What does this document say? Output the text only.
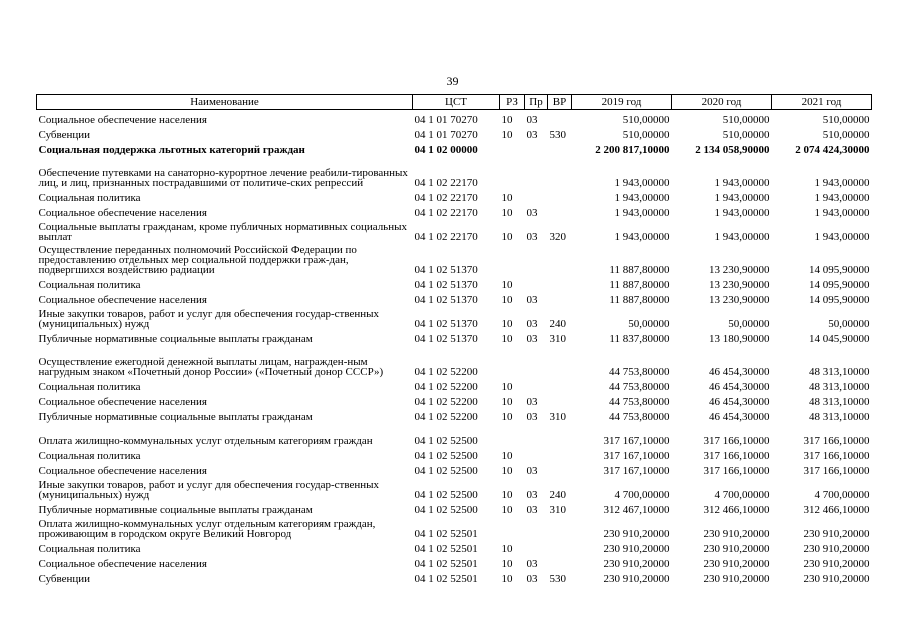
39
Наименование	ЦСТ	РЗ	Пр	ВР	2019 год	2020 год	2021 год
Социальное обеспечение населения	04 1 01 70270	10	03		510,00000	510,00000	510,00000
Субвенции	04 1 01 70270	10	03	530	510,00000	510,00000	510,00000
Социальная поддержка льготных категорий граждан	04 1 02 00000				2 200 817,10000	2 134 058,90000	2 074 424,30000
Обеспечение путевками на санаторно-курортное лечение реабили-тированных лиц, и лиц, признанных пострадавшими от политиче-ских репрессий	04 1 02 22170				1 943,00000	1 943,00000	1 943,00000
Социальная политика	04 1 02 22170	10			1 943,00000	1 943,00000	1 943,00000
Социальное обеспечение населения	04 1 02 22170	10	03		1 943,00000	1 943,00000	1 943,00000
Социальные выплаты гражданам, кроме публичных нормативных социальных выплат	04 1 02 22170	10	03	320	1 943,00000	1 943,00000	1 943,00000
Осуществление переданных полномочий Российской Федерации по предоставлению отдельных мер социальной поддержки граж-дан, подвергшихся воздействию радиации	04 1 02 51370				11 887,80000	13 230,90000	14 095,90000
Социальная политика	04 1 02 51370	10			11 887,80000	13 230,90000	14 095,90000
Социальное обеспечение населения	04 1 02 51370	10	03		11 887,80000	13 230,90000	14 095,90000
Иные закупки товаров, работ и услуг для обеспечения государ-ственных (муниципальных) нужд	04 1 02 51370	10	03	240	50,00000	50,00000	50,00000
Публичные нормативные социальные выплаты гражданам	04 1 02 51370	10	03	310	11 837,80000	13 180,90000	14 045,90000
Осуществление ежегодной денежной выплаты лицам, награжден-ным нагрудным знаком «Почетный донор России» («Почетный донор СССР»)	04 1 02 52200				44 753,80000	46 454,30000	48 313,10000
Социальная политика	04 1 02 52200	10			44 753,80000	46 454,30000	48 313,10000
Социальное обеспечение населения	04 1 02 52200	10	03		44 753,80000	46 454,30000	48 313,10000
Публичные нормативные социальные выплаты гражданам	04 1 02 52200	10	03	310	44 753,80000	46 454,30000	48 313,10000
Оплата жилищно-коммунальных услуг отдельным категориям граждан	04 1 02 52500				317 167,10000	317 166,10000	317 166,10000
Социальная политика	04 1 02 52500	10			317 167,10000	317 166,10000	317 166,10000
Социальное обеспечение населения	04 1 02 52500	10	03		317 167,10000	317 166,10000	317 166,10000
Иные закупки товаров, работ и услуг для обеспечения государ-ственных (муниципальных) нужд	04 1 02 52500	10	03	240	4 700,00000	4 700,00000	4 700,00000
Публичные нормативные социальные выплаты гражданам	04 1 02 52500	10	03	310	312 467,10000	312 466,10000	312 466,10000
Оплата жилищно-коммунальных услуг отдельным категориям граждан, проживающим в городском округе Великий Новгород	04 1 02 52501				230 910,20000	230 910,20000	230 910,20000
Социальная политика	04 1 02 52501	10			230 910,20000	230 910,20000	230 910,20000
Социальное обеспечение населения	04 1 02 52501	10	03		230 910,20000	230 910,20000	230 910,20000
Субвенции	04 1 02 52501	10	03	530	230 910,20000	230 910,20000	230 910,20000
